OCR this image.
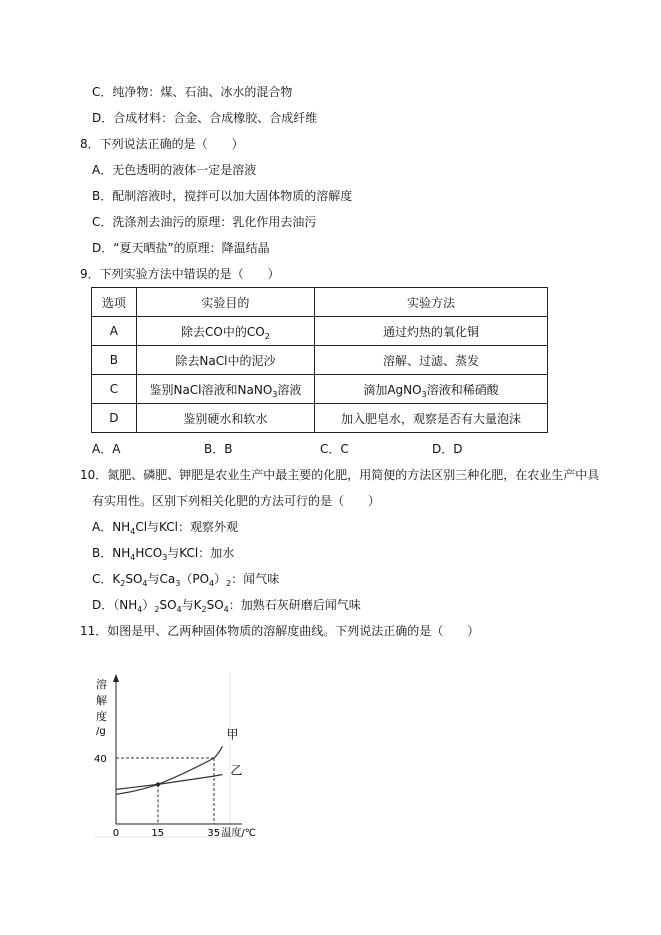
C．纯净物：煤、石油、冰水的混合物
D．合成材料：合金、合成橡胶、合成纤维
8．下列说法正确的是（　　）
A．无色透明的液体一定是溶液
B．配制溶液时，搅拌可以加大固体物质的溶解度
C．洗涤剂去油污的原理：乳化作用去油污
D．“夏天晒盐”的原理：降温结晶
9．下列实验方法中错误的是（　　）
选项	实验目的	实验方法
A	除去CO中的$CO_2$	通过灼热的氧化铜
B	除去NaCl中的泥沙	溶解、过滤、蒸发
C	鉴别NaCl溶液和NaNO$_3$溶液	滴加AgNO$_3$溶液和稀硝酸
D	鉴别硬水和软水	加入肥皂水，观察是否有大量泡沫
A．A	B．B	C．C	D．D
10．氮肥、磷肥、钾肥是农业生产中最主要的化肥，用简便的方法区别三种化肥，在农业生产中具
有实用性。区别下列相关化肥的方法可行的是（　　）
A．$NH_4Cl$与KCl：观察外观
B．$NH_4HCO_3$与KCl：加水
C．$K_2SO_4$与$Ca_3(PO_4)_2$：闻气味
D．$(NH_4)_2SO_4$与$K_2SO_4$：加熟石灰研磨后闻气味
11．如图是甲、乙两种固体物质的溶解度曲线。下列说法正确的是（　　）
溶
解
度
/g
0	15	35
40
温度/℃
甲
乙
